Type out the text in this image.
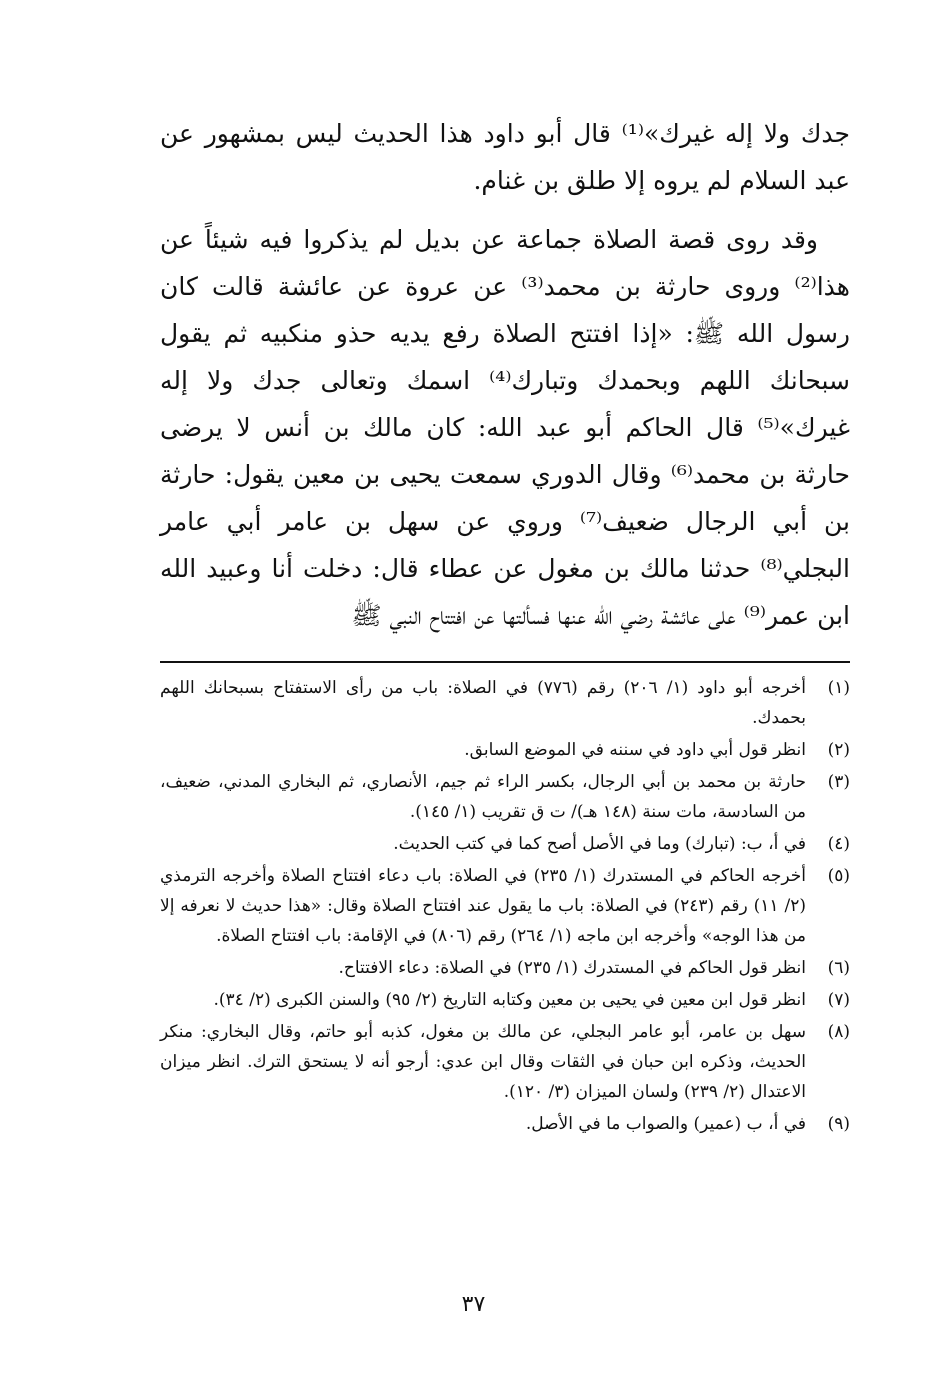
جدك ولا إله غيرك»⁽¹⁾ قال أبو داود هذا الحديث ليس بمشهور عن عبد السلام لم يروه إلا طلق بن غنام.

وقد روى قصة الصلاة جماعة عن بديل لم يذكروا فيه شيئاً عن هذا⁽²⁾ وروى حارثة بن محمد⁽³⁾ عن عروة عن عائشة قالت كان رسول الله ﷺ: «إذا افتتح الصلاة رفع يديه حذو منكبيه ثم يقول سبحانك اللهم وبحمدك وتبارك⁽⁴⁾ اسمك وتعالى جدك ولا إله غيرك»⁽⁵⁾ قال الحاكم أبو عبد الله: كان مالك بن أنس لا يرضى حارثة بن محمد⁽⁶⁾ وقال الدوري سمعت يحيى بن معين يقول: حارثة بن أبي الرجال ضعيف⁽⁷⁾ وروي عن سهل بن عامر أبي عامر البجلي⁽⁸⁾ حدثنا مالك بن مغول عن عطاء قال: دخلت أنا وعبيد الله ابن عمر⁽⁹⁾ على عائشة رضي الله عنها فسألتها عن افتتاح النبي ﷺ

(١)
أخرجه أبو داود (١/ ٢٠٦) رقم (٧٧٦) في الصلاة: باب من رأى الاستفتاح بسبحانك اللهم بحمدك.
(٢)
انظر قول أبي داود في سننه في الموضع السابق.
(٣)
حارثة بن محمد بن أبي الرجال، بكسر الراء ثم جيم، الأنصاري، ثم البخاري المدني، ضعيف، من السادسة، مات سنة (١٤٨ هـ)/ ت ق تقريب (١/ ١٤٥).
(٤)
في أ، ب: (تبارك) وما في الأصل أصح كما في كتب الحديث.
(٥)
أخرجه الحاكم في المستدرك (١/ ٢٣٥) في الصلاة: باب دعاء افتتاح الصلاة وأخرجه الترمذي (٢/ ١١) رقم (٢٤٣) في الصلاة: باب ما يقول عند افتتاح الصلاة وقال: «هذا حديث لا نعرفه إلا من هذا الوجه» وأخرجه ابن ماجه (١/ ٢٦٤) رقم (٨٠٦) في الإقامة: باب افتتاح الصلاة.
(٦)
انظر قول الحاكم في المستدرك (١/ ٢٣٥) في الصلاة: دعاء الافتتاح.
(٧)
انظر قول ابن معين في يحيى بن معين وكتابه التاريخ (٢/ ٩٥) والسنن الكبرى (٢/ ٣٤).
(٨)
سهل بن عامر، أبو عامر البجلي، عن مالك بن مغول، كذبه أبو حاتم، وقال البخاري: منكر الحديث، وذكره ابن حبان في الثقات وقال ابن عدي: أرجو أنه لا يستحق الترك. انظر ميزان الاعتدال (٢/ ٢٣٩) ولسان الميزان (٣/ ١٢٠).
(٩)
في أ، ب (عمير) والصواب ما في الأصل.
٣٧
